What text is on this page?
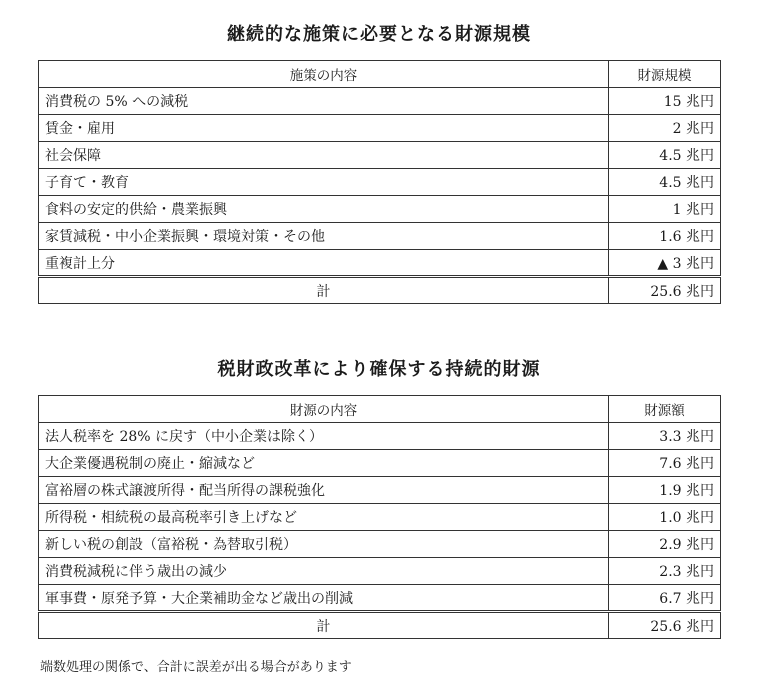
継続的な施策に必要となる財源規模
施策の内容	財源規模
消費税の 5% への減税	15 兆円
賃金・雇用	2 兆円
社会保障	4.5 兆円
子育て・教育	4.5 兆円
食料の安定的供給・農業振興	1 兆円
家賃減税・中小企業振興・環境対策・その他	1.6 兆円
重複計上分	▲ 3 兆円
計	25.6 兆円
税財政改革により確保する持続的財源
財源の内容	財源額
法人税率を 28% に戻す（中小企業は除く）	3.3 兆円
大企業優遇税制の廃止・縮減など	7.6 兆円
富裕層の株式譲渡所得・配当所得の課税強化	1.9 兆円
所得税・相続税の最高税率引き上げなど	1.0 兆円
新しい税の創設（富裕税・為替取引税）	2.9 兆円
消費税減税に伴う歳出の減少	2.3 兆円
軍事費・原発予算・大企業補助金など歳出の削減	6.7 兆円
計	25.6 兆円
端数処理の関係で、合計に誤差が出る場合があります
